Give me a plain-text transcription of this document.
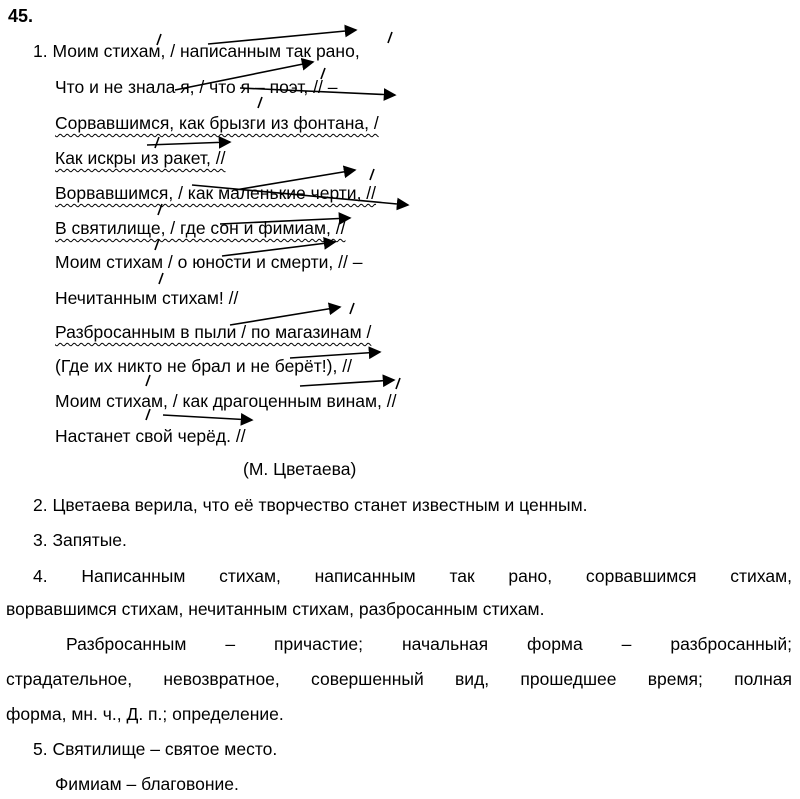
45.
1. Моим стихам, / написанным так рано,
Что и не знала я, / что я – поэт, // –
Сорвавшимся, как брызги из фонтана, /
Как искры из ракет, //
Ворвавшимся, / как маленькие черти, //
В святилище, / где сон и фимиам, //
Моим стихам / о юности и смерти, // –
Нечитанным стихам! //
Разбросанным в пыли / по магазинам /
(Где их никто не брал и не берёт!), //
Моим стихам, / как драгоценным винам, //
Настанет свой черёд. //
(М. Цветаева)
2. Цветаева верила, что её творчество станет известным и ценным.
3. Запятые.
4. Написанным стихам, написанным так рано, сорвавшимся стихам,
ворвавшимся стихам, нечитанным стихам, разбросанным стихам.
Разбросанным – причастие; начальная форма – разбросанный;
страдательное, невозвратное, совершенный вид, прошедшее время; полная
форма, мн. ч., Д. п.; определение.
5. Святилище – святое место.
Фимиам – благовоние.
